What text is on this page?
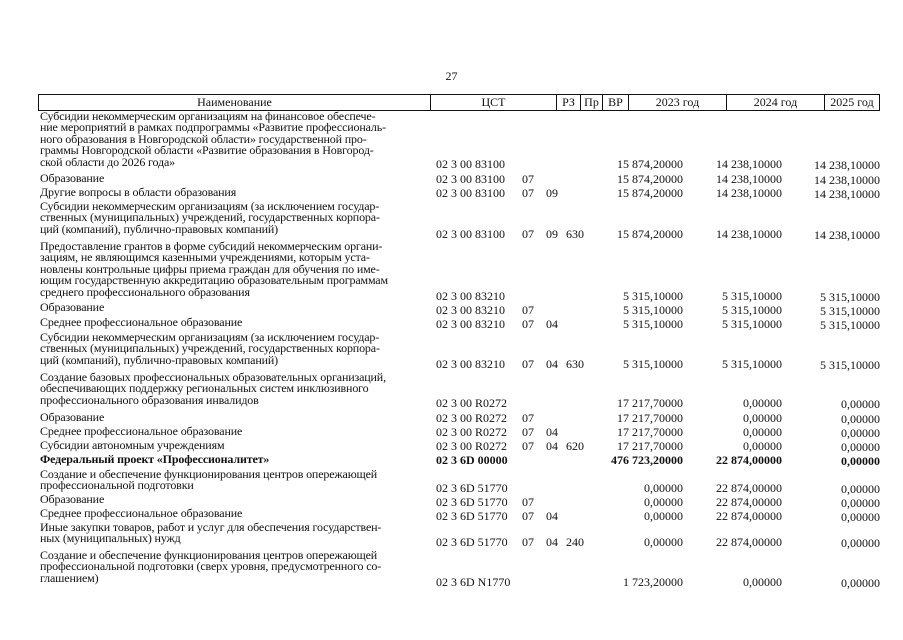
27
Наименование	ЦСТ	РЗ Пр ВР	2023 год	2024 год	2025 год
Субсидии некоммерческим организациям на финансовое обеспече-
ние мероприятий в рамках подпрограммы «Развитие профессиональ-
ного образования в Новгородской области» государственной про-
граммы Новгородской области «Развитие образования в Новгород-
ской области до 2026 года»	02 3 00 83100	15 874,20000	14 238,10000	14 238,10000
Образование	02 3 00 83100 07	15 874,20000	14 238,10000	14 238,10000
Другие вопросы в области образования	02 3 00 83100 07 09	15 874,20000	14 238,10000	14 238,10000
Субсидии некоммерческим организациям (за исключением государ-
ственных (муниципальных) учреждений, государственных корпора-
ций (компаний), публично-правовых компаний)	02 3 00 83100 07 09 630	15 874,20000	14 238,10000	14 238,10000
Предоставление грантов в форме субсидий некоммерческим органи-
зациям, не являющимся казенными учреждениями, которым уста-
новлены контрольные цифры приема граждан для обучения по име-
ющим государственную аккредитацию образовательным программам
среднего профессионального образования	02 3 00 83210	5 315,10000	5 315,10000	5 315,10000
Образование	02 3 00 83210 07	5 315,10000	5 315,10000	5 315,10000
Среднее профессиональное образование	02 3 00 83210 07 04	5 315,10000	5 315,10000	5 315,10000
Субсидии некоммерческим организациям (за исключением государ-
ственных (муниципальных) учреждений, государственных корпора-
ций (компаний), публично-правовых компаний)	02 3 00 83210 07 04 630	5 315,10000	5 315,10000	5 315,10000
Создание базовых профессиональных образовательных организаций,
обеспечивающих поддержку региональных систем инклюзивного
профессионального образования инвалидов	02 3 00 R0272	17 217,70000	0,00000	0,00000
Образование	02 3 00 R0272 07	17 217,70000	0,00000	0,00000
Среднее профессиональное образование	02 3 00 R0272 07 04	17 217,70000	0,00000	0,00000
Субсидии автономным учреждениям	02 3 00 R0272 07 04 620	17 217,70000	0,00000	0,00000
Федеральный проект «Профессионалитет»	02 3 6D 00000	476 723,20000	22 874,00000	0,00000
Создание и обеспечение функционирования центров опережающей
профессиональной подготовки	02 3 6D 51770	0,00000	22 874,00000	0,00000
Образование	02 3 6D 51770 07	0,00000	22 874,00000	0,00000
Среднее профессиональное образование	02 3 6D 51770 07 04	0,00000	22 874,00000	0,00000
Иные закупки товаров, работ и услуг для обеспечения государствен-
ных (муниципальных) нужд	02 3 6D 51770 07 04 240	0,00000	22 874,00000	0,00000
Создание и обеспечение функционирования центров опережающей
профессиональной подготовки (сверх уровня, предусмотренного со-
глашением)	02 3 6D N1770	1 723,20000	0,00000	0,00000
